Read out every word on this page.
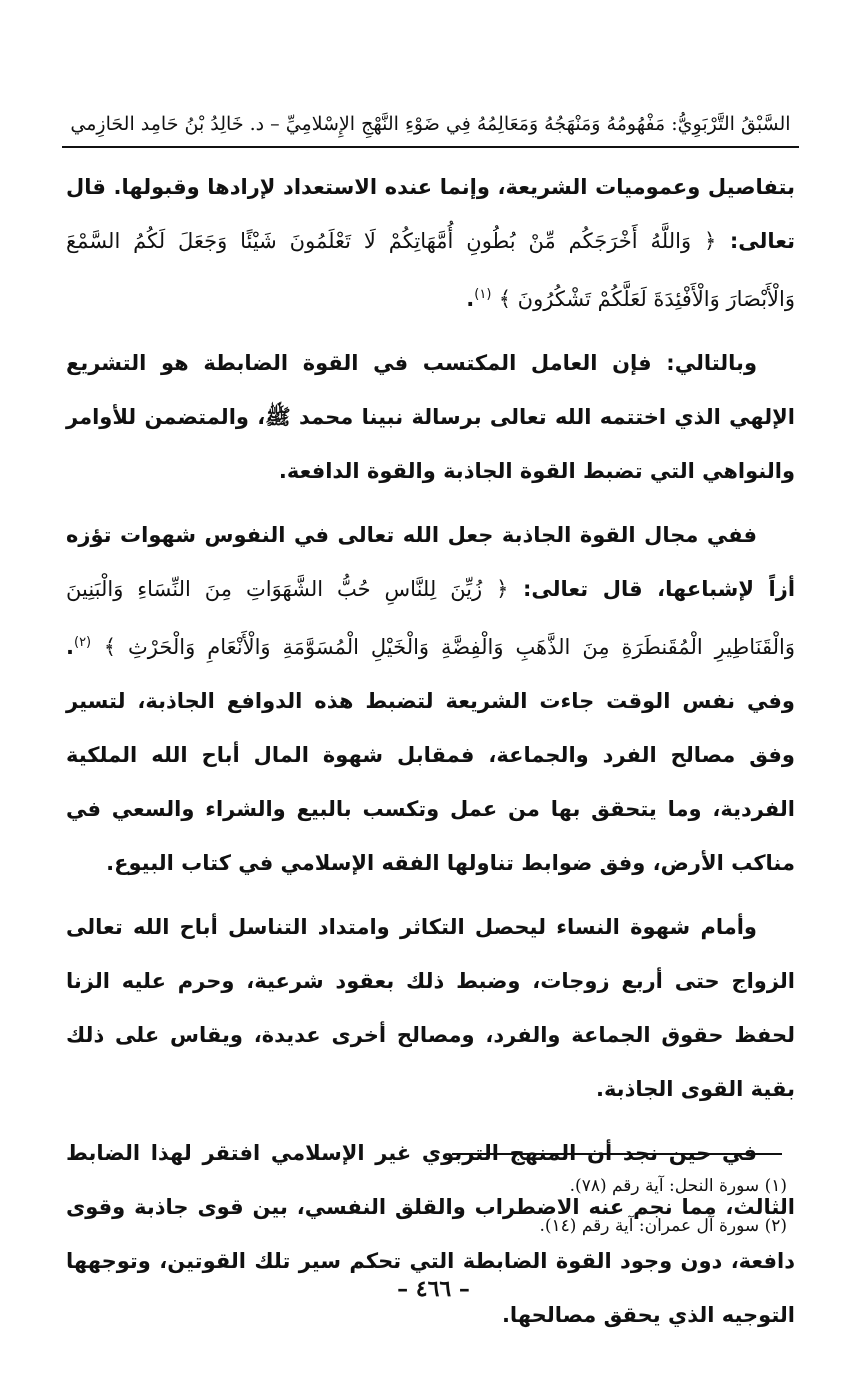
السَّبْقُ التَّرْبَوِيُّ: مَفْهُومُهُ وَمَنْهَجُهُ وَمَعَالِمُهُ فِي ضَوْءِ النَّهْجِ الإِسْلامِيِّ – د. خَالِدُ بْنُ حَامِد الحَازِمي

بتفاصيل وعموميات الشريعة، وإنما عنده الاستعداد لإرادها وقبولها. قال تعالى: ﴿ وَاللَّهُ أَخْرَجَكُم مِّنْ بُطُونِ أُمَّهَاتِكُمْ لَا تَعْلَمُونَ شَيْئًا وَجَعَلَ لَكُمُ السَّمْعَ وَالْأَبْصَارَ وَالْأَفْئِدَةَ لَعَلَّكُمْ تَشْكُرُونَ ﴾ $^{(١)}$.

وبالتالي: فإن العامل المكتسب في القوة الضابطة هو التشريع الإلهي الذي اختتمه الله تعالى برسالة نبينا محمد ﷺ، والمتضمن للأوامر والنواهي التي تضبط القوة الجاذبة والقوة الدافعة.

ففي مجال القوة الجاذبة جعل الله تعالى في النفوس شهوات تؤزه أزاً لإشباعها، قال تعالى: ﴿ زُيِّنَ لِلنَّاسِ حُبُّ الشَّهَوَاتِ مِنَ النِّسَاءِ وَالْبَنِينَ وَالْقَنَاطِيرِ الْمُقَنطَرَةِ مِنَ الذَّهَبِ وَالْفِضَّةِ وَالْخَيْلِ الْمُسَوَّمَةِ وَالْأَنْعَامِ وَالْحَرْثِ ﴾ $^{(٢)}$. وفي نفس الوقت جاءت الشريعة لتضبط هذه الدوافع الجاذبة، لتسير وفق مصالح الفرد والجماعة، فمقابل شهوة المال أباح الله الملكية الفردية، وما يتحقق بها من عمل وتكسب بالبيع والشراء والسعي في مناكب الأرض، وفق ضوابط تناولها الفقه الإسلامي في كتاب البيوع.

وأمام شهوة النساء ليحصل التكاثر وامتداد التناسل أباح الله تعالى الزواج حتى أربع زوجات، وضبط ذلك بعقود شرعية، وحرم عليه الزنا لحفظ حقوق الجماعة والفرد، ومصالح أخرى عديدة، ويقاس على ذلك بقية القوى الجاذبة.

في حين نجد أن المنهج التربوي غير الإسلامي افتقر لهذا الضابط الثالث، مما نجم عنه الاضطراب والقلق النفسي، بين قوى جاذبة وقوى دافعة، دون وجود القوة الضابطة التي تحكم سير تلك القوتين، وتوجهها التوجيه الذي يحقق مصالحها.

(١) سورة النحل: آية رقم (٧٨).
(٢) سورة آل عمران: آية رقم (١٤).
– ٤٦٦ –
